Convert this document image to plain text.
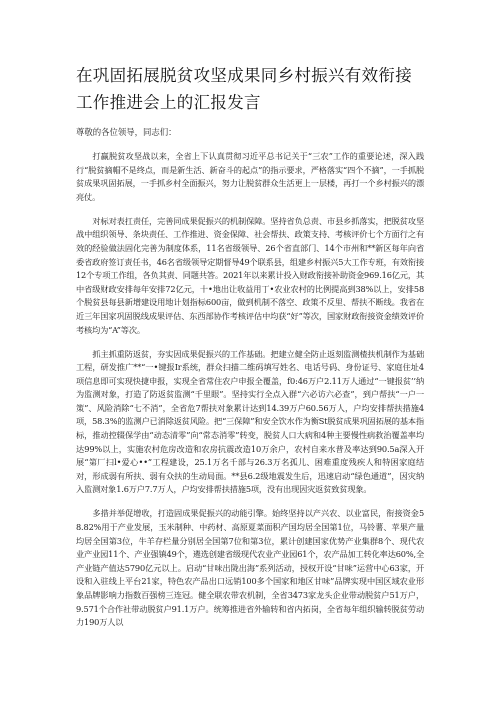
在巩固拓展脱贫攻坚成果同乡村振兴有效衔接工作推进会上的汇报发言

尊敬的各位领导，同志们：

打赢脱贫攻坚战以来，全省上下认真贯彻习近平总书记关于“三农”工作的重要论述，深入践行“脱贫摘帽不是终点，而是新生活、新奋斗的起点”的指示要求，严格落实“四个不摘”，一手抓脱贫成果巩固拓展，一手抓乡村全面振兴，努力让脱贫群众生活更上一层楼，再打一个乡村振兴的漂亮仗。

对标对表扛责任，完善同成果促振兴的机制保障。坚持省负总责、市县乡抓落实，把脱贫攻坚战中组织领导、条块责任、工作推进、资金保障、社会帮扶、政策支持、考核评价七个方面行之有效的经验做法固化完善为制度体系，11名省级领导、26个省直部门、14个市州和**新区每年向省委省政府签订责任书，46名省级领导定期督导49个联系县，组建乡村振兴5大工作专班，有效衔接12个专项工作组，各负其责、同题共答。2021年以来累计投入财政衔接补助资金969.16亿元，其中省级财政安排每年安排72亿元，十•地出让收益用丁•农业农村的比例提高到38%以上，安排58个脱贫县每县新增建设用地计划指标600亩，做到机制不落空、政策不反里、帮扶不断线。我省在近三年国家巩固脱线成果评估、东西部协作考核评估中均获“好”等次，国家财政衔接资金绩效评价考核均为“A”等次。

抓主抓重防返贫，夯实因成果促振兴的工作基础。把建立健全防止返刻监测楂扶机制作为基础工程，研发推广**“一•键报Ir系统，群众扫描二维码填写姓名、电话号码、身份证号、家庭住址4项信息即可实现快捷申报，实现全省常住农户申报全覆盖，f0:46万户2.11万人通过“一键报贫’’纳为监测对象，打造了防返贫监测“千里眼”。坚持实行全点入群“六必访六必查”，到户帮扶“一户一策”、风险消除“七不消”，全省危7帮扶对象累计达到14.39万户60.56万人，户均安排帮扶措施4项，58.3%的监测户已消除返贫风险。把“三保障”和安全饮水作为衡St脱贫成果巩固拓展的基本指标，推动控辍保学由“动态清零”向“常态消零”转变，脱贫人口大病和4种主要慢性病救治覆盖率均达99%以上，实施农村危房改造和农房抗震改造10万余户，农村自来水普及率达到90.5a深入开展“第厂扫l•爱心••”工程建设，25.1万名千部与26.3万名孤儿、困难重度残疾人和特困家庭结对，形成弱有所扶、弱有众扶的生动局面。**县6.2级地震发生后，迅速启动“绿色通道”，因灾纳入监测对象1.6万户7.7万人，户均安排帮扶措施5项，没有出现因灾返贫致贫现象。

多措并举促增收，打造固成果促振兴的动能引擎。始终坚持以产兴农、以业富民，衔接资金58.82%用于产业发展，玉米制种、中药材、高原夏菜面积产国均居全国第1位，马铃薯、苹果产量均居全国第3位，牛羊存栏量分别居全国第7位和第3位，累计创建国家优势产业集群8个、现代农业产业园11个、产业强镇49个，遴选创建省级现代农业产业园61个，农产品加工转化率达60%,全产业链产值达5790亿元以上。启动“甘味出陇出海”系列活动，授权开设“甘味”运营中心63家，开设和入驻线上平台21家，特色农产品出口远销100多个国家和地区甘味”品牌实现中国区域农业形象品牌影响力指数百强榜三连冠。健全联农带农机制，全省3473家龙头企业带动脱贫户51万户，9.571个合作社带动脱贫户91.1万户。统筹推进省外输转和省内拓岗，全省每年组织输转脱贫劳动力190万人以
